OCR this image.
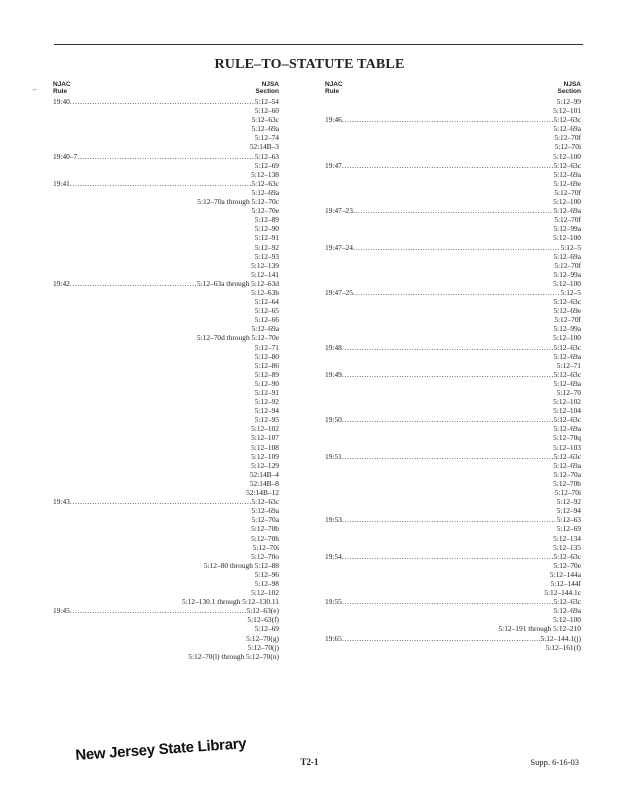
RULE–TO–STATUTE TABLE
NJAC
Rule
NJSA
Section
19:40 . . .	5:12–54
5:12–60
5:12–63c
5:12–69a
5:12–74
52:14B–3
19:40–7 . . .	5:12–63
5:12–69
5:12–138
19:41 . . .	5:12–63c
5:12–69a
5:12–70a through 5:12–70c
5:12–70e
5:12–89
5:12–90
5:12–91
5:12–92
5:12–93
5:12–139
5:12–141
19:42 . . .	5:12–63a through 5:12–63d
5:12–63h
5:12–64
5:12–65
5:12–66
5:12–69a
5:12–70d through 5:12–70e
5:12–71
5:12–80
5:12–86
5:12–89
5:12–90
5:12–91
5:12–92
5:12–94
5:12–95
5:12–102
5:12–107
5:12–108
5:12–109
5:12–129
52:14B–4
52:14B–8
52:14B–12
19:43 . . .	5:12–63c
5:12–69a
5:12–70a
5:12–70b
5:12–70h
5:12–70i
5:12–70o
5:12–80 through 5:12–88
5:12–96
5:12–98
5:12–102
5:12–130.1 through 5:12–130.11
19:45 . . .	5:12–63(e)
5:12–63(f)
5:12–69
5:12–70(g)
5:12–70(j)
5:12–70(l) through 5:12–70(n)
NJAC
Rule
NJSA
Section
5:12–99
5:12–101
19:46 . . .	5:12–63c
5:12–69a
5:12–70f
5:12–70i
5:12–100
19:47 . . .	5:12–63c
5:12–69a
5:12–69e
5:12–70f
5:12–100
19:47–23 . . .	5:12–69a
5:12–70f
5:12–99a
5:12–100
19:47–24 . . .	5:12–5
5:12–69a
5:12–70f
5:12–99a
5:12–100
19:47–25 . . .	5:12–5
5:12–63c
5:12–69e
5:12–70f
5:12–99a
5:12–100
19:48 . . .	5:12–63c
5:12–69a
5:12–71
19:49 . . .	5:12–63c
5:12–69a
5:12–70
5:12–102
5:12–104
19:50 . . .	5:12–63c
5:12–69a
5:12–70q
5:12–103
19:51 . . .	5:12–63c
5:12–69a
5:12–70a
5:12–70b
5:12–70i
5:12–92
5:12–94
19:53 . . .	5:12–63
5:12–69
5:12–134
5:12–135
19:54 . . .	5:12–63c
5:12–70e
5:12–144a
5:12–144f
5:12–144.1c
19:55 . . .	5:12–63c
5:12–69a
5:12–100
5:12–191 through 5:12–210
19:65 . . .	5:12–144.1(j)
5:12–161(f)
⌐
New Jersey State Library	T2-1	Supp. 6-16-03
